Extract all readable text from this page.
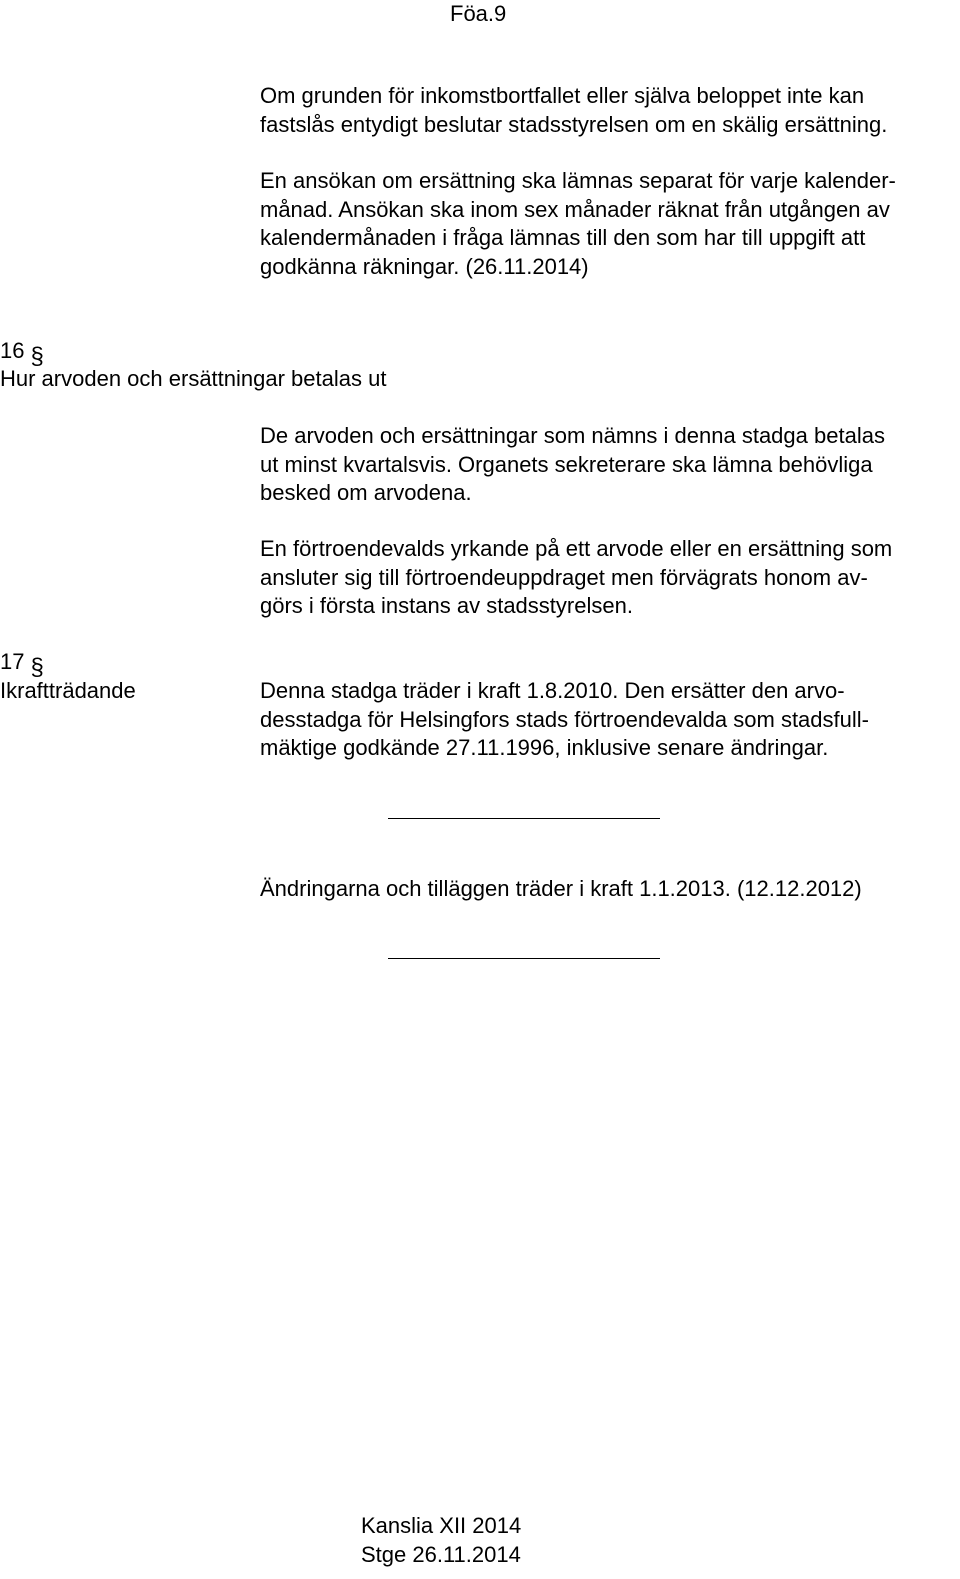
Föa.9
Om grunden för inkomstbortfallet eller själva beloppet inte kan
fastslås entydigt beslutar stadsstyrelsen om en skälig ersättning.
En ansökan om ersättning ska lämnas separat för varje kalender-
månad. Ansökan ska inom sex månader räknat från utgången av
kalendermånaden i fråga lämnas till den som har till uppgift att
godkänna räkningar. (26.11.2014)
16 §
Hur arvoden och ersättningar betalas ut
De arvoden och ersättningar som nämns i denna stadga betalas
ut minst kvartalsvis. Organets sekreterare ska lämna behövliga
besked om arvodena.
En förtroendevalds yrkande på ett arvode eller en ersättning som
ansluter sig till förtroendeuppdraget men förvägrats honom av-
görs i första instans av stadsstyrelsen.
17 §
Ikraftträdande	Denna stadga träder i kraft 1.8.2010. Den ersätter den arvo-
desstadga för Helsingfors stads förtroendevalda som stadsfull-
mäktige godkände 27.11.1996, inklusive senare ändringar.
Ändringarna och tilläggen träder i kraft 1.1.2013. (12.12.2012)
Kanslia XII 2014
Stge 26.11.2014
